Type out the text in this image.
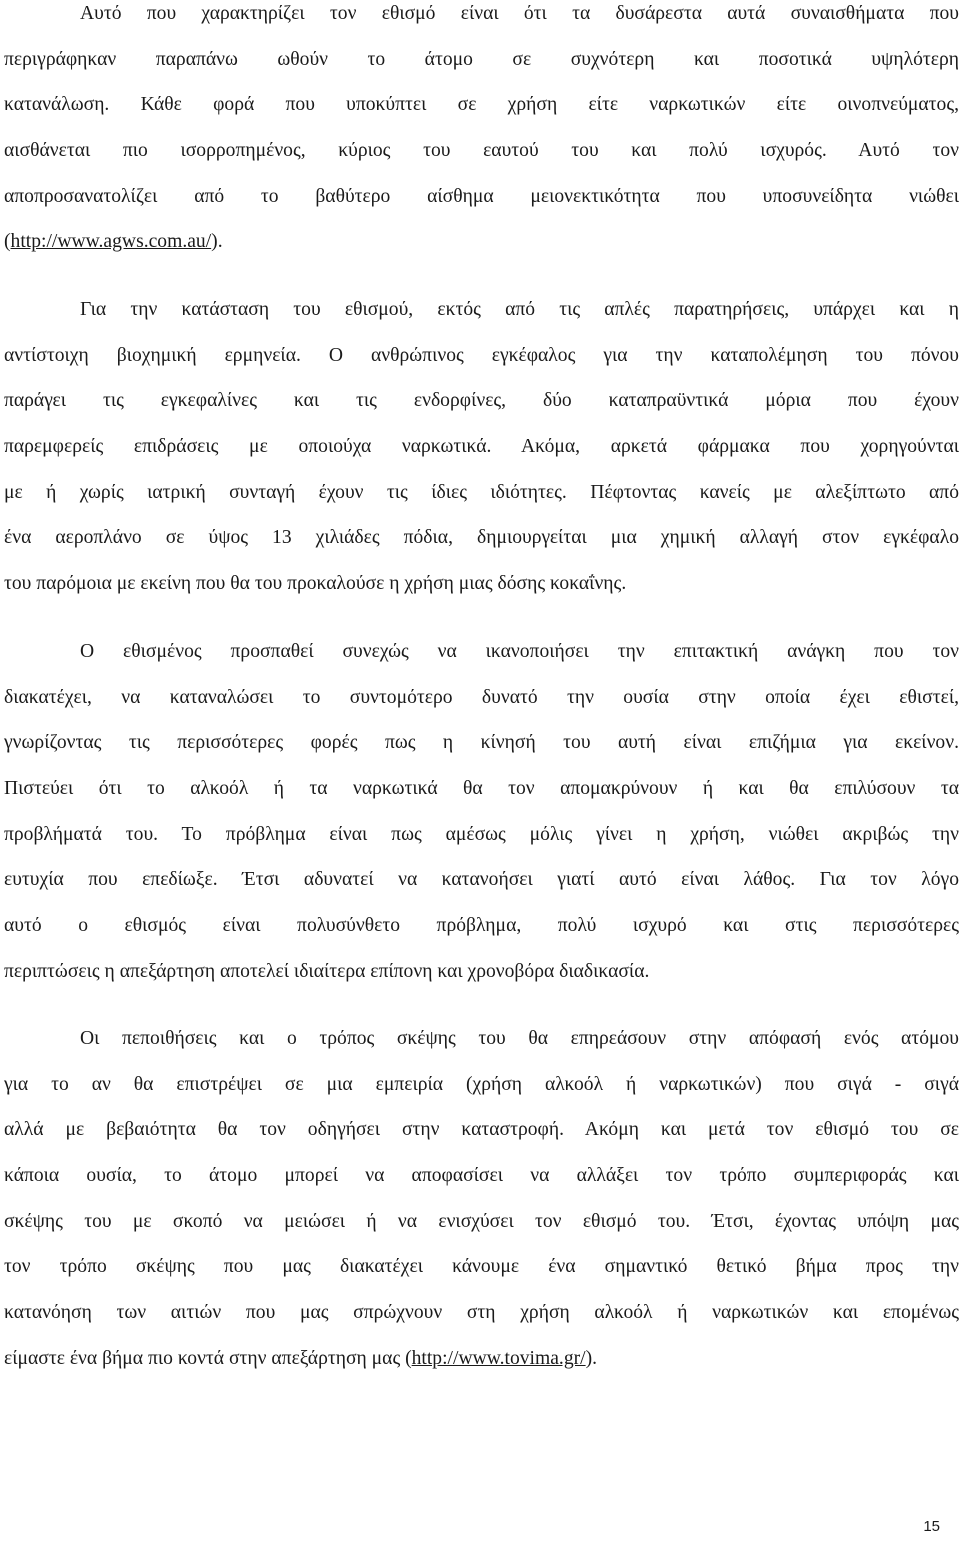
Αυτό που χαρακτηρίζει τον εθισμό είναι ότι τα δυσάρεστα αυτά συναισθήματα που
περιγράφηκαν παραπάνω ωθούν το άτομο σε συχνότερη και ποσοτικά υψηλότερη
κατανάλωση. Κάθε φορά που υποκύπτει σε χρήση είτε ναρκωτικών είτε οινοπνεύματος,
αισθάνεται πιο ισορροπημένος, κύριος του εαυτού του και πολύ ισχυρός. Αυτό τον
αποπροσανατολίζει από το βαθύτερο αίσθημα μειονεκτικότητα που υποσυνείδητα νιώθει
(http://www.agws.com.au/).
Για την κατάσταση του εθισμού, εκτός από τις απλές παρατηρήσεις, υπάρχει και η
αντίστοιχη βιοχημική ερμηνεία. Ο ανθρώπινος εγκέφαλος για την καταπολέμηση του πόνου
παράγει τις εγκεφαλίνες και τις ενδορφίνες, δύο καταπραϋντικά μόρια που έχουν
παρεμφερείς επιδράσεις με οποιούχα ναρκωτικά. Ακόμα, αρκετά φάρμακα που χορηγούνται
με ή χωρίς ιατρική συνταγή έχουν τις ίδιες ιδιότητες. Πέφτοντας κανείς με αλεξίπτωτο από
ένα αεροπλάνο σε ύψος 13 χιλιάδες πόδια, δημιουργείται μια χημική αλλαγή στον εγκέφαλο
του παρόμοια με εκείνη που θα του προκαλούσε η χρήση μιας δόσης κοκαΐνης.
Ο εθισμένος προσπαθεί συνεχώς να ικανοποιήσει την επιτακτική ανάγκη που τον
διακατέχει, να καταναλώσει το συντομότερο δυνατό την ουσία στην οποία έχει εθιστεί,
γνωρίζοντας τις περισσότερες φορές πως η κίνησή του αυτή είναι επιζήμια για εκείνον.
Πιστεύει ότι το αλκοόλ ή τα ναρκωτικά θα τον απομακρύνουν ή και θα επιλύσουν τα
προβλήματά του. Το πρόβλημα είναι πως αμέσως μόλις γίνει η χρήση, νιώθει ακριβώς την
ευτυχία που επεδίωξε. Έτσι αδυνατεί να κατανοήσει γιατί αυτό είναι λάθος. Για τον λόγο
αυτό ο εθισμός είναι πολυσύνθετο πρόβλημα, πολύ ισχυρό και στις περισσότερες
περιπτώσεις η απεξάρτηση αποτελεί ιδιαίτερα επίπονη και χρονοβόρα διαδικασία.
Οι πεποιθήσεις και ο τρόπος σκέψης του θα επηρεάσουν στην απόφασή ενός ατόμου
για το αν θα επιστρέψει σε μια εμπειρία (χρήση αλκοόλ ή ναρκωτικών) που σιγά - σιγά
αλλά με βεβαιότητα θα τον οδηγήσει στην καταστροφή. Ακόμη και μετά τον εθισμό του σε
κάποια ουσία, το άτομο μπορεί να αποφασίσει να αλλάξει τον τρόπο συμπεριφοράς και
σκέψης του με σκοπό να μειώσει ή να ενισχύσει τον εθισμό του. Έτσι, έχοντας υπόψη μας
τον τρόπο σκέψης που μας διακατέχει κάνουμε ένα σημαντικό θετικό βήμα προς την
κατανόηση των αιτιών που μας σπρώχνουν στη χρήση αλκοόλ ή ναρκωτικών και επομένως
είμαστε ένα βήμα πιο κοντά στην απεξάρτηση μας (http://www.tovima.gr/).
15
